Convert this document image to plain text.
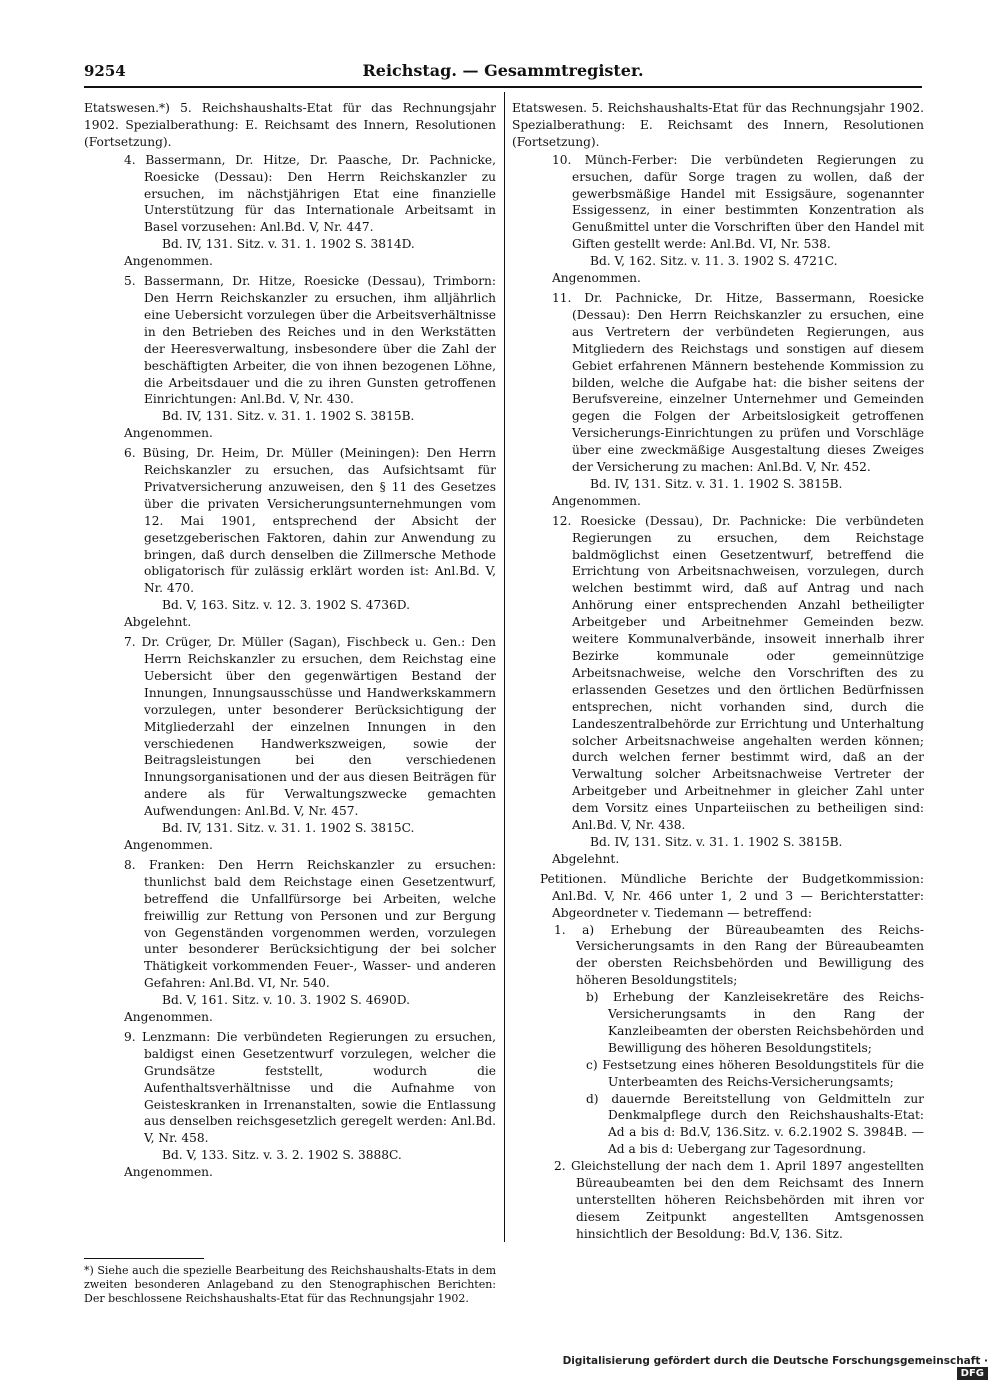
9254	Reichstag. — Gesammtregister.

Etatswesen.*) 5. Reichshaushalts-Etat für das Rechnungsjahr 1902. Spezialberathung: E. Reichsamt des Innern, Resolutionen (Fortsetzung).

4. Bassermann, Dr. Hitze, Dr. Paasche, Dr. Pachnicke, Roesicke (Dessau): Den Herrn Reichskanzler zu ersuchen, im nächstjährigen Etat eine finanzielle Unterstützung für das Internationale Arbeitsamt in Basel vorzusehen: Anl.Bd. V, Nr. 447.

Bd. IV, 131. Sitz. v. 31. 1. 1902 S. 3814D.

Angenommen.

5. Bassermann, Dr. Hitze, Roesicke (Dessau), Trimborn: Den Herrn Reichskanzler zu ersuchen, ihm alljährlich eine Uebersicht vorzulegen über die Arbeitsverhältnisse in den Betrieben des Reiches und in den Werkstätten der Heeresverwaltung, insbesondere über die Zahl der beschäftigten Arbeiter, die von ihnen bezogenen Löhne, die Arbeitsdauer und die zu ihren Gunsten getroffenen Einrichtungen: Anl.Bd. V, Nr. 430.

Bd. IV, 131. Sitz. v. 31. 1. 1902 S. 3815B.

Angenommen.

6. Büsing, Dr. Heim, Dr. Müller (Meiningen): Den Herrn Reichskanzler zu ersuchen, das Aufsichtsamt für Privatversicherung anzuweisen, den § 11 des Gesetzes über die privaten Versicherungsunternehmungen vom 12. Mai 1901, entsprechend der Absicht der gesetzgeberischen Faktoren, dahin zur Anwendung zu bringen, daß durch denselben die Zillmersche Methode obligatorisch für zulässig erklärt worden ist: Anl.Bd. V, Nr. 470.

Bd. V, 163. Sitz. v. 12. 3. 1902 S. 4736D.

Abgelehnt.

7. Dr. Crüger, Dr. Müller (Sagan), Fischbeck u. Gen.: Den Herrn Reichskanzler zu ersuchen, dem Reichstag eine Uebersicht über den gegenwärtigen Bestand der Innungen, Innungsausschüsse und Handwerkskammern vorzulegen, unter besonderer Berücksichtigung der Mitgliederzahl der einzelnen Innungen in den verschiedenen Handwerkszweigen, sowie der Beitragsleistungen bei den verschiedenen Innungsorganisationen und der aus diesen Beiträgen für andere als für Verwaltungszwecke gemachten Aufwendungen: Anl.Bd. V, Nr. 457.

Bd. IV, 131. Sitz. v. 31. 1. 1902 S. 3815C.

Angenommen.

8. Franken: Den Herrn Reichskanzler zu ersuchen: thunlichst bald dem Reichstage einen Gesetzentwurf, betreffend die Unfallfürsorge bei Arbeiten, welche freiwillig zur Rettung von Personen und zur Bergung von Gegenständen vorgenommen werden, vorzulegen unter besonderer Berücksichtigung der bei solcher Thätigkeit vorkommenden Feuer-, Wasser- und anderen Gefahren: Anl.Bd. VI, Nr. 540.

Bd. V, 161. Sitz. v. 10. 3. 1902 S. 4690D.

Angenommen.

9. Lenzmann: Die verbündeten Regierungen zu ersuchen, baldigst einen Gesetzentwurf vorzulegen, welcher die Grundsätze feststellt, wodurch die Aufenthaltsverhältnisse und die Aufnahme von Geisteskranken in Irrenanstalten, sowie die Entlassung aus denselben reichsgesetzlich geregelt werden: Anl.Bd. V, Nr. 458.

Bd. V, 133. Sitz. v. 3. 2. 1902 S. 3888C.

Angenommen.

Etatswesen. 5. Reichshaushalts-Etat für das Rechnungsjahr 1902. Spezialberathung: E. Reichsamt des Innern, Resolutionen (Fortsetzung).

10. Münch-Ferber: Die verbündeten Regierungen zu ersuchen, dafür Sorge tragen zu wollen, daß der gewerbsmäßige Handel mit Essigsäure, sogenannter Essigessenz, in einer bestimmten Konzentration als Genußmittel unter die Vorschriften über den Handel mit Giften gestellt werde: Anl.Bd. VI, Nr. 538.

Bd. V, 162. Sitz. v. 11. 3. 1902 S. 4721C.

Angenommen.

11. Dr. Pachnicke, Dr. Hitze, Bassermann, Roesicke (Dessau): Den Herrn Reichskanzler zu ersuchen, eine aus Vertretern der verbündeten Regierungen, aus Mitgliedern des Reichstags und sonstigen auf diesem Gebiet erfahrenen Männern bestehende Kommission zu bilden, welche die Aufgabe hat: die bisher seitens der Berufsvereine, einzelner Unternehmer und Gemeinden gegen die Folgen der Arbeitslosigkeit getroffenen Versicherungs-Einrichtungen zu prüfen und Vorschläge über eine zweckmäßige Ausgestaltung dieses Zweiges der Versicherung zu machen: Anl.Bd. V, Nr. 452.

Bd. IV, 131. Sitz. v. 31. 1. 1902 S. 3815B.

Angenommen.

12. Roesicke (Dessau), Dr. Pachnicke: Die verbündeten Regierungen zu ersuchen, dem Reichstage baldmöglichst einen Gesetzentwurf, betreffend die Errichtung von Arbeitsnachweisen, vorzulegen, durch welchen bestimmt wird, daß auf Antrag und nach Anhörung einer entsprechenden Anzahl betheiligter Arbeitgeber und Arbeitnehmer Gemeinden bezw. weitere Kommunalverbände, insoweit innerhalb ihrer Bezirke kommunale oder gemeinnützige Arbeitsnachweise, welche den Vorschriften des zu erlassenden Gesetzes und den örtlichen Bedürfnissen entsprechen, nicht vorhanden sind, durch die Landeszentralbehörde zur Errichtung und Unterhaltung solcher Arbeitsnachweise angehalten werden können; durch welchen ferner bestimmt wird, daß an der Verwaltung solcher Arbeitsnachweise Vertreter der Arbeitgeber und Arbeitnehmer in gleicher Zahl unter dem Vorsitz eines Unparteiischen zu betheiligen sind: Anl.Bd. V, Nr. 438.

Bd. IV, 131. Sitz. v. 31. 1. 1902 S. 3815B.

Abgelehnt.

Petitionen. Mündliche Berichte der Budgetkommission: Anl.Bd. V, Nr. 466 unter 1, 2 und 3 — Berichterstatter: Abgeordneter v. Tiedemann — betreffend:

1. a) Erhebung der Büreaubeamten des Reichs-Versicherungsamts in den Rang der Büreaubeamten der obersten Reichsbehörden und Bewilligung des höheren Besoldungstitels;

b) Erhebung der Kanzleisekretäre des Reichs-Versicherungsamts in den Rang der Kanzleibeamten der obersten Reichsbehörden und Bewilligung des höheren Besoldungstitels;

c) Festsetzung eines höheren Besoldungstitels für die Unterbeamten des Reichs-Versicherungsamts;

d) dauernde Bereitstellung von Geldmitteln zur Denkmalpflege durch den Reichshaushalts-Etat: Ad a bis d: Bd.V, 136.Sitz. v. 6.2.1902 S. 3984B. — Ad a bis d: Uebergang zur Tagesordnung.

2. Gleichstellung der nach dem 1. April 1897 angestellten Büreaubeamten bei den dem Reichsamt des Innern unterstellten höheren Reichsbehörden mit ihren vor diesem Zeitpunkt angestellten Amtsgenossen hinsichtlich der Besoldung: Bd.V, 136. Sitz.

*) Siehe auch die spezielle Bearbeitung des Reichshaushalts-Etats in dem zweiten besonderen Anlageband zu den Stenographischen Berichten: Der beschlossene Reichshaushalts-Etat für das Rechnungsjahr 1902.

Digitalisierung gefördert durch die Deutsche Forschungsgemeinschaft ·DFG
